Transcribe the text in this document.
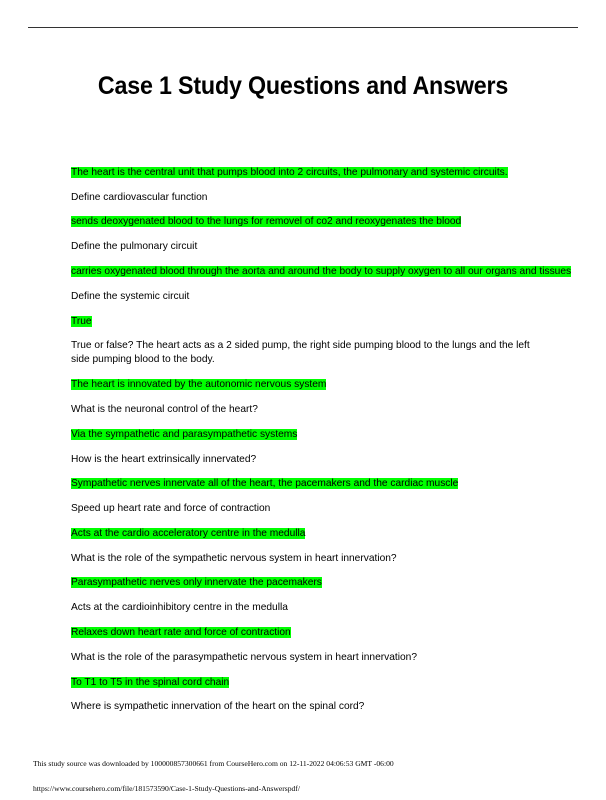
Case 1 Study Questions and Answers
The heart is the central unit that pumps blood into 2 circuits, the pulmonary and systemic circuits.
Define cardiovascular function
sends deoxygenated blood to the lungs for removel of co2 and reoxygenates the blood
Define the pulmonary circuit
carries oxygenated blood through the aorta and around the body to supply oxygen to all our organs and tissues
Define the systemic circuit
True
True or false? The heart acts as a 2 sided pump, the right side pumping blood to the lungs and the left side pumping blood to the body.
The heart is innovated by the autonomic nervous system
What is the neuronal control of the heart?
Via the sympathetic and parasympathetic systems
How is the heart extrinsically innervated?
Sympathetic nerves innervate all of the heart, the pacemakers and the cardiac muscle
Speed up heart rate and force of contraction
Acts at the cardio acceleratory centre in the medulla
What is the role of the sympathetic nervous system in heart innervation?
Parasympathetic nerves only innervate the pacemakers
Acts at the cardioinhibitory centre in the medulla
Relaxes down heart rate and force of contraction
What is the role of the parasympathetic nervous system in heart innervation?
To T1 to T5 in the spinal cord chain
Where is sympathetic innervation of the heart on the spinal cord?
This study source was downloaded by 100000857300661 from CourseHero.com on 12-11-2022 04:06:53 GMT -06:00
https://www.coursehero.com/file/181573590/Case-1-Study-Questions-and-Answerspdf/
